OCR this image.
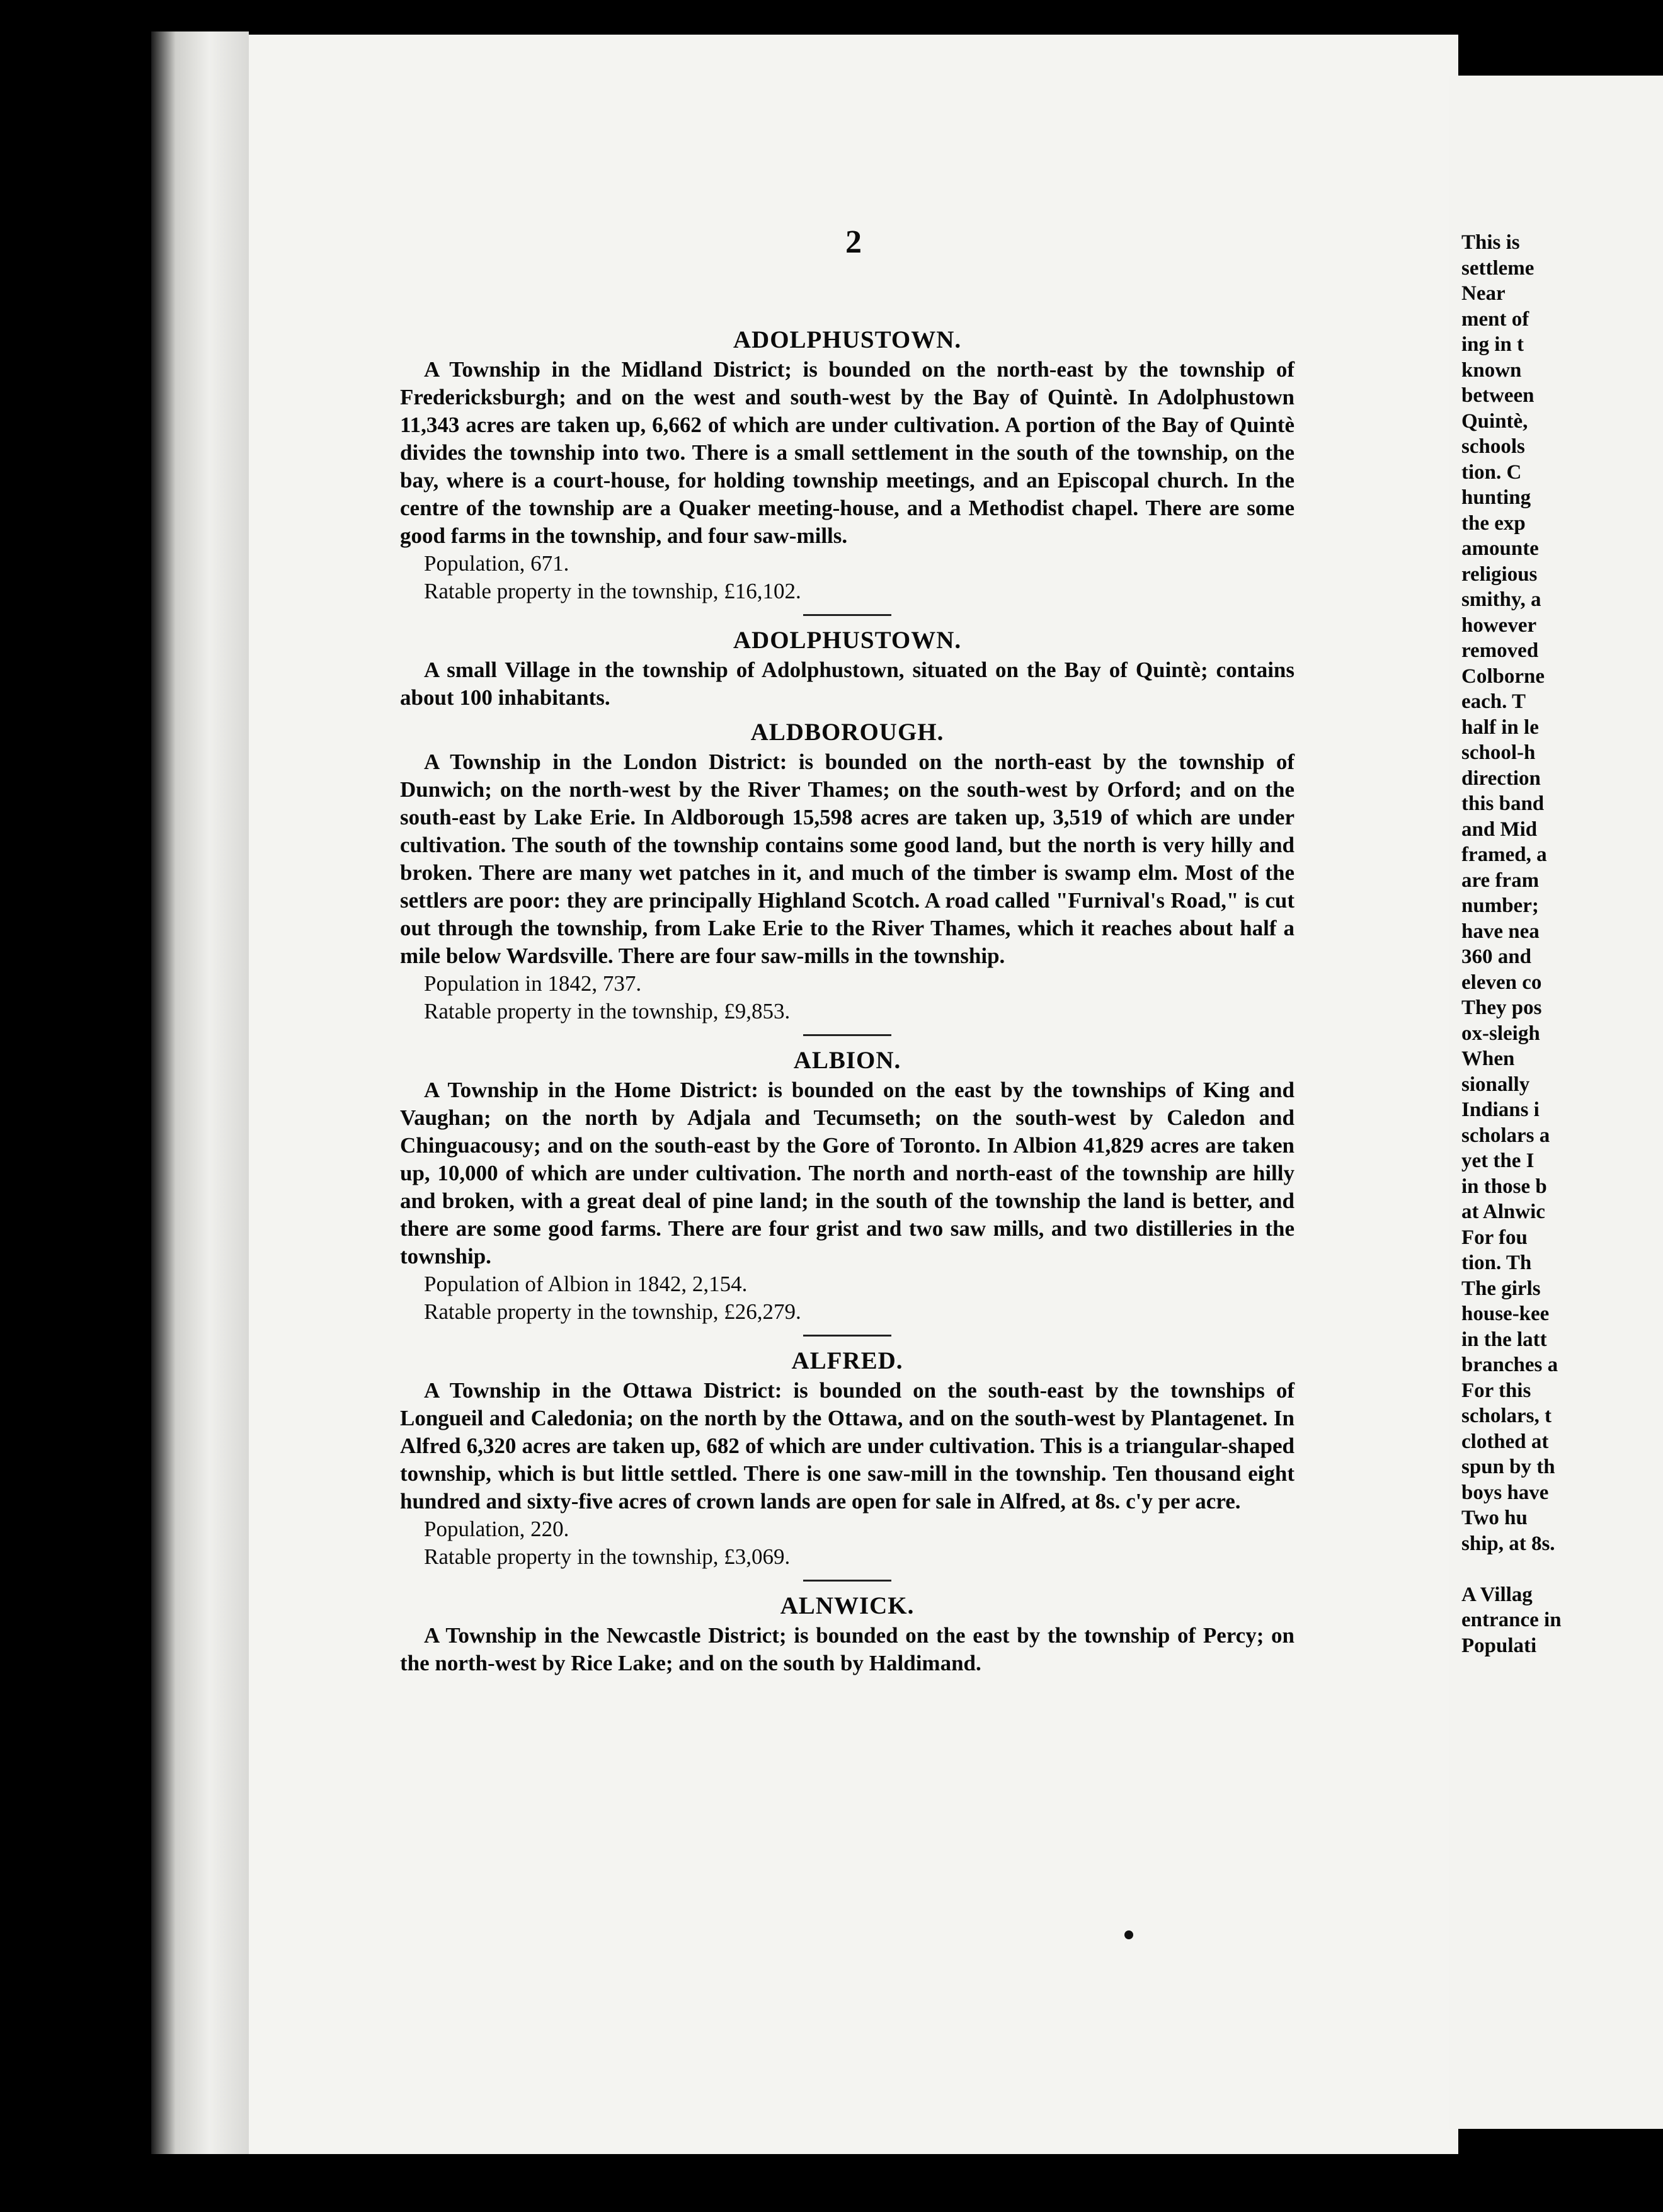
2
ADOLPHUSTOWN.

A Township in the Midland District; is bounded on the north-east by the township of Fredericksburgh; and on the west and south-west by the Bay of Quintè. In Adolphustown 11,343 acres are taken up, 6,662 of which are under cultivation. A portion of the Bay of Quintè divides the township into two. There is a small settlement in the south of the township, on the bay, where is a court-house, for holding township meetings, and an Episcopal church. In the centre of the township are a Quaker meeting-house, and a Methodist chapel. There are some good farms in the township, and four saw-mills.

Population, 671.

Ratable property in the township, £16,102.

ADOLPHUSTOWN.

A small Village in the township of Adolphustown, situated on the Bay of Quintè; contains about 100 inhabitants.

ALDBOROUGH.

A Township in the London District: is bounded on the north-east by the township of Dunwich; on the north-west by the River Thames; on the south-west by Orford; and on the south-east by Lake Erie. In Aldborough 15,598 acres are taken up, 3,519 of which are under cultivation. The south of the township contains some good land, but the north is very hilly and broken. There are many wet patches in it, and much of the timber is swamp elm. Most of the settlers are poor: they are principally Highland Scotch. A road called "Furnival's Road," is cut out through the township, from Lake Erie to the River Thames, which it reaches about half a mile below Wardsville. There are four saw-mills in the township.

Population in 1842, 737.

Ratable property in the township, £9,853.

ALBION.

A Township in the Home District: is bounded on the east by the townships of King and Vaughan; on the north by Adjala and Tecumseth; on the south-west by Caledon and Chinguacousy; and on the south-east by the Gore of Toronto. In Albion 41,829 acres are taken up, 10,000 of which are under cultivation. The north and north-east of the township are hilly and broken, with a great deal of pine land; in the south of the township the land is better, and there are some good farms. There are four grist and two saw mills, and two distilleries in the township.

Population of Albion in 1842, 2,154.

Ratable property in the township, £26,279.

ALFRED.

A Township in the Ottawa District: is bounded on the south-east by the townships of Longueil and Caledonia; on the north by the Ottawa, and on the south-west by Plantagenet. In Alfred 6,320 acres are taken up, 682 of which are under cultivation. This is a triangular-shaped township, which is but little settled. There is one saw-mill in the township. Ten thousand eight hundred and sixty-five acres of crown lands are open for sale in Alfred, at 8s. c'y per acre.

Population, 220.

Ratable property in the township, £3,069.

ALNWICK.

A Township in the Newcastle District; is bounded on the east by the township of Percy; on the north-west by Rice Lake; and on the south by Haldimand.

This is
settleme
Near
ment of
ing in t
known
between
Quintè,
schools
tion. C
hunting
the exp
amounte
religious
smithy, a
however
removed
Colborne
each. T
half in le
school-h
direction
this band
and Mid
framed, a
are fram
number;
have nea
360 and
eleven co
They pos
ox-sleigh
When
sionally
Indians i
scholars a
yet the I
in those b
at Alnwic
For fou
tion. Th
The girls
house-kee
in the latt
branches a
For this
scholars, t
clothed at
spun by th
boys have
Two hu
ship, at 8s.
A Villag
entrance in
Populati
